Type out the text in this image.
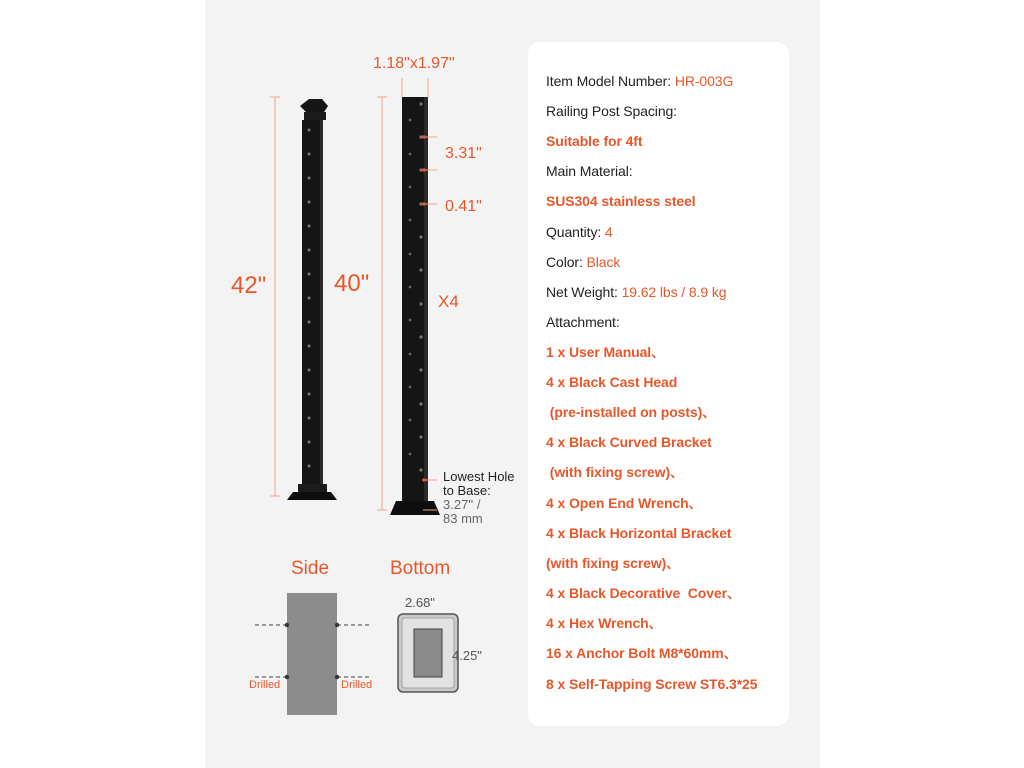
42"	40"
1.18"x1.97"
3.31"
0.41"
X4
Lowest Hole
to Base:
3.27'' /
83 mm
Side	Bottom
Drilled	Drilled
2.68"
4.25"
Item Model Number: HR-003G
Railing Post Spacing:
Suitable for 4ft
Main Material:
SUS304 stainless steel
Quantity: 4
Color: Black
Net Weight: 19.62 lbs / 8.9 kg
Attachment:
1 x User Manual、
4 x Black Cast Head
(pre-installed on posts)、
4 x Black Curved Bracket
(with fixing screw)、
4 x Open End Wrench、
4 x Black Horizontal Bracket
(with fixing screw)、
4 x Black Decorative  Cover、
4 x Hex Wrench、
16 x Anchor Bolt M8*60mm、
8 x Self-Tapping Screw ST6.3*25
